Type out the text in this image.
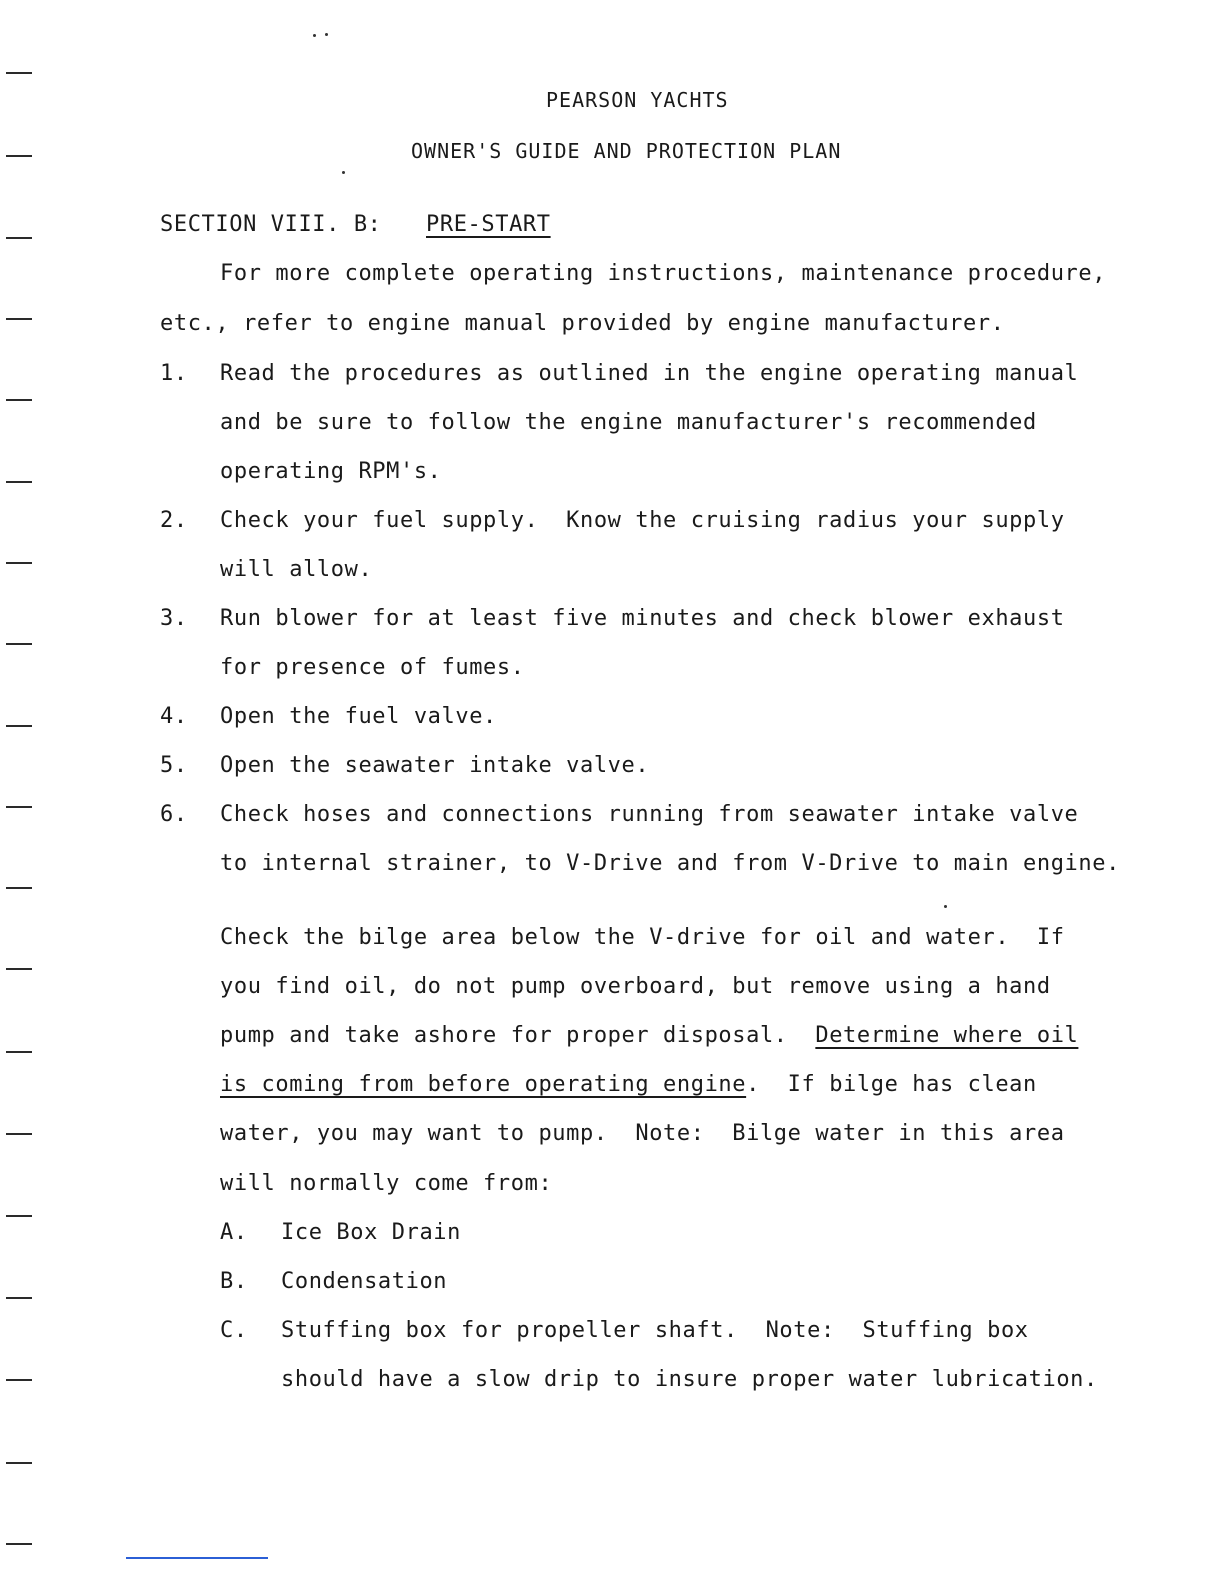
PEARSON YACHTS
OWNER'S GUIDE AND PROTECTION PLAN
SECTION VIII. B: PRE-START
For more complete operating instructions, maintenance procedure,
etc., refer to engine manual provided by engine manufacturer.
1. Read the procedures as outlined in the engine operating manual
and be sure to follow the engine manufacturer's recommended
operating RPM's.
2. Check your fuel supply.  Know the cruising radius your supply
will allow.
3. Run blower for at least five minutes and check blower exhaust
for presence of fumes.
4. Open the fuel valve.
5. Open the seawater intake valve.
6. Check hoses and connections running from seawater intake valve
to internal strainer, to V-Drive and from V-Drive to main engine.
Check the bilge area below the V-drive for oil and water.  If
you find oil, do not pump overboard, but remove using a hand
pump and take ashore for proper disposal.  Determine where oil
is coming from before operating engine.  If bilge has clean
water, you may want to pump.  Note:  Bilge water in this area
will normally come from:
A. Ice Box Drain
B. Condensation
C. Stuffing box for propeller shaft.  Note:  Stuffing box
should have a slow drip to insure proper water lubrication.
